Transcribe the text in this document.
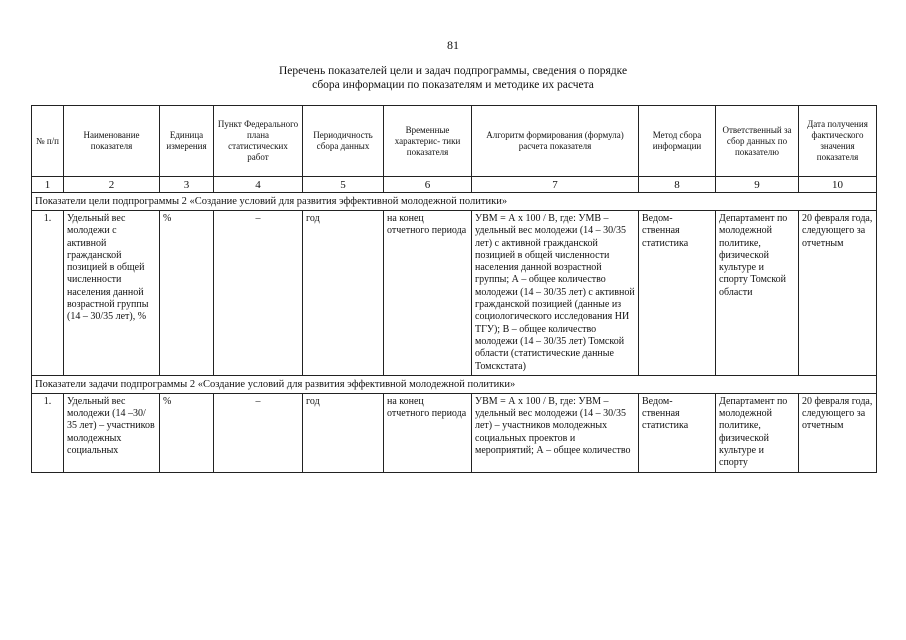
81
Перечень показателей цели и задач подпрограммы, сведения о порядке
сбора информации по показателям и методике их расчета
№ п/п	Наименование показателя	Единица измерения	Пункт Федерального плана статистических работ	Периодичность сбора данных	Временные характерис- тики показателя	Алгоритм формирования (формула) расчета показателя	Метод сбора информации	Ответственный за сбор данных по показателю	Дата получения фактического значения показателя
1	2	3	4	5	6	7	8	9	10
Показатели цели подпрограммы 2 «Создание условий для развития эффективной молодежной политики»									
1.	Удельный вес молодежи с активной гражданской позицией в общей численности населения данной возрастной группы (14 – 30/35 лет), %	%	–	год	на конец отчетного периода	УВМ = А х 100 / В, где: УМВ – удельный вес молодежи (14 – 30/35 лет) с активной гражданской позицией в общей численности населения данной возрастной группы; А – общее количество молодежи (14 – 30/35 лет) с активной гражданской позицией (данные из социологического исследования НИ ТГУ); В – общее количество молодежи (14 – 30/35 лет) Томской области (статистические данные Томскстата)	Ведом- ственная статистика	Департамент по молодежной политике, физической культуре и спорту Томской области	20 февраля года, следующего за отчетным
Показатели задачи подпрограммы 2 «Создание условий для развития эффективной молодежной политики»									
1.	Удельный вес молодежи (14 –30/ 35 лет) – участников молодежных социальных	%	–	год	на конец отчетного периода	УВМ = А х 100 / В, где: УВМ – удельный вес молодежи (14 – 30/35 лет) – участников молодежных социальных проектов и мероприятий; А – общее количество	Ведом- ственная статистика	Департамент по молодежной политике, физической культуре и спорту	20 февраля года, следующего за отчетным
